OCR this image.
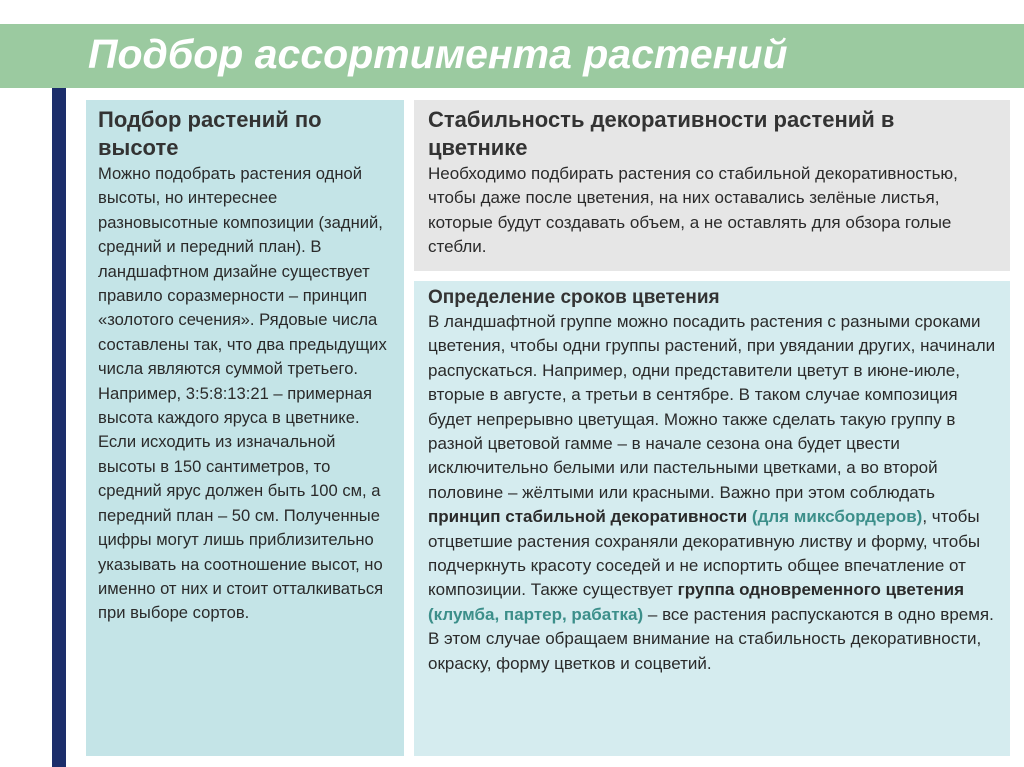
Подбор ассортимента растений
Подбор растений по высоте

Можно подобрать растения одной высоты, но интереснее разновысотные композиции (задний, средний и передний план). В ландшафтном дизайне существует правило соразмерности – принцип «золотого сечения». Рядовые числа составлены так, что два предыдущих числа являются суммой третьего. Например, 3:5:8:13:21 – примерная высота каждого яруса в цветнике. Если исходить из изначальной высоты в 150 сантиметров, то средний ярус должен быть 100 см, а передний план – 50 см. Полученные цифры могут лишь приблизительно указывать на соотношение высот, но именно от них и стоит отталкиваться при выборе сортов.

Стабильность декоративности растений в цветнике

Необходимо подбирать растения со стабильной декоративностью, чтобы даже после цветения, на них оставались зелёные листья, которые будут создавать объем, а не оставлять для обзора голые стебли.

Определение сроков цветения

В ландшафтной группе можно посадить растения с разными сроками цветения, чтобы одни группы растений, при увядании других, начинали распускаться. Например, одни представители цветут в июне-июле, вторые в августе, а третьи в сентябре. В таком случае композиция будет непрерывно цветущая. Можно также сделать такую группу в разной цветовой гамме – в начале сезона она будет цвести исключительно белыми или пастельными цветками, а во второй половине – жёлтыми или красными. Важно при этом соблюдать принцип стабильной декоративности (для миксбордеров), чтобы отцветшие растения сохраняли декоративную листву и форму, чтобы подчеркнуть красоту соседей и не испортить общее впечатление от композиции. Также существует группа одновременного цветения
(клумба, партер, рабатка) – все растения распускаются в одно время. В этом случае обращаем внимание на стабильность декоративности, окраску, форму цветков и соцветий.
